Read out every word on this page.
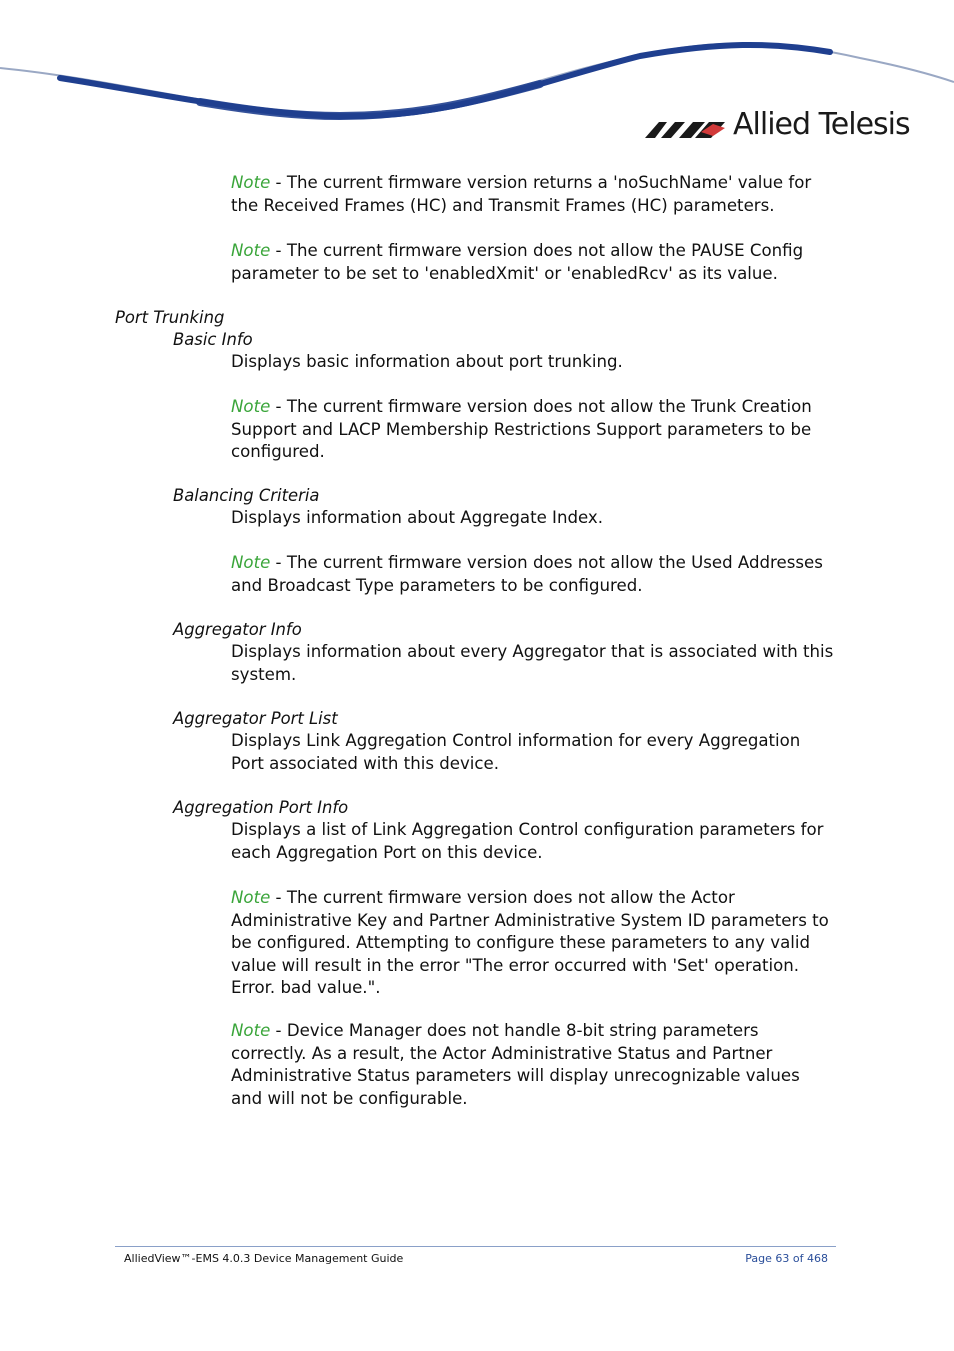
Allied Telesis

Note - The current firmware version returns a 'noSuchName' value for the Received Frames (HC) and Transmit Frames (HC) parameters.

Note - The current firmware version does not allow the PAUSE Config parameter to be set to 'enabledXmit' or 'enabledRcv' as its value.

Port Trunking
Basic Info

Displays basic information about port trunking.

Note - The current firmware version does not allow the Trunk Creation Support and LACP Membership Restrictions Support parameters to be configured.

Balancing Criteria

Displays information about Aggregate Index.

Note - The current firmware version does not allow the Used Addresses and Broadcast Type parameters to be configured.

Aggregator Info

Displays information about every Aggregator that is associated with this system.

Aggregator Port List

Displays Link Aggregation Control information for every Aggregation Port associated with this device.

Aggregation Port Info

Displays a list of Link Aggregation Control configuration parameters for each Aggregation Port on this device.

Note - The current firmware version does not allow the Actor Administrative Key and Partner Administrative System ID parameters to be configured. Attempting to configure these parameters to any valid value will result in the error "The error occurred with 'Set' operation. Error. bad value.".

Note - Device Manager does not handle 8-bit string parameters correctly. As a result, the Actor Administrative Status and Partner Administrative Status parameters will display unrecognizable values and will not be configurable.

AlliedView™-EMS 4.0.3 Device Management Guide	Page 63 of 468
